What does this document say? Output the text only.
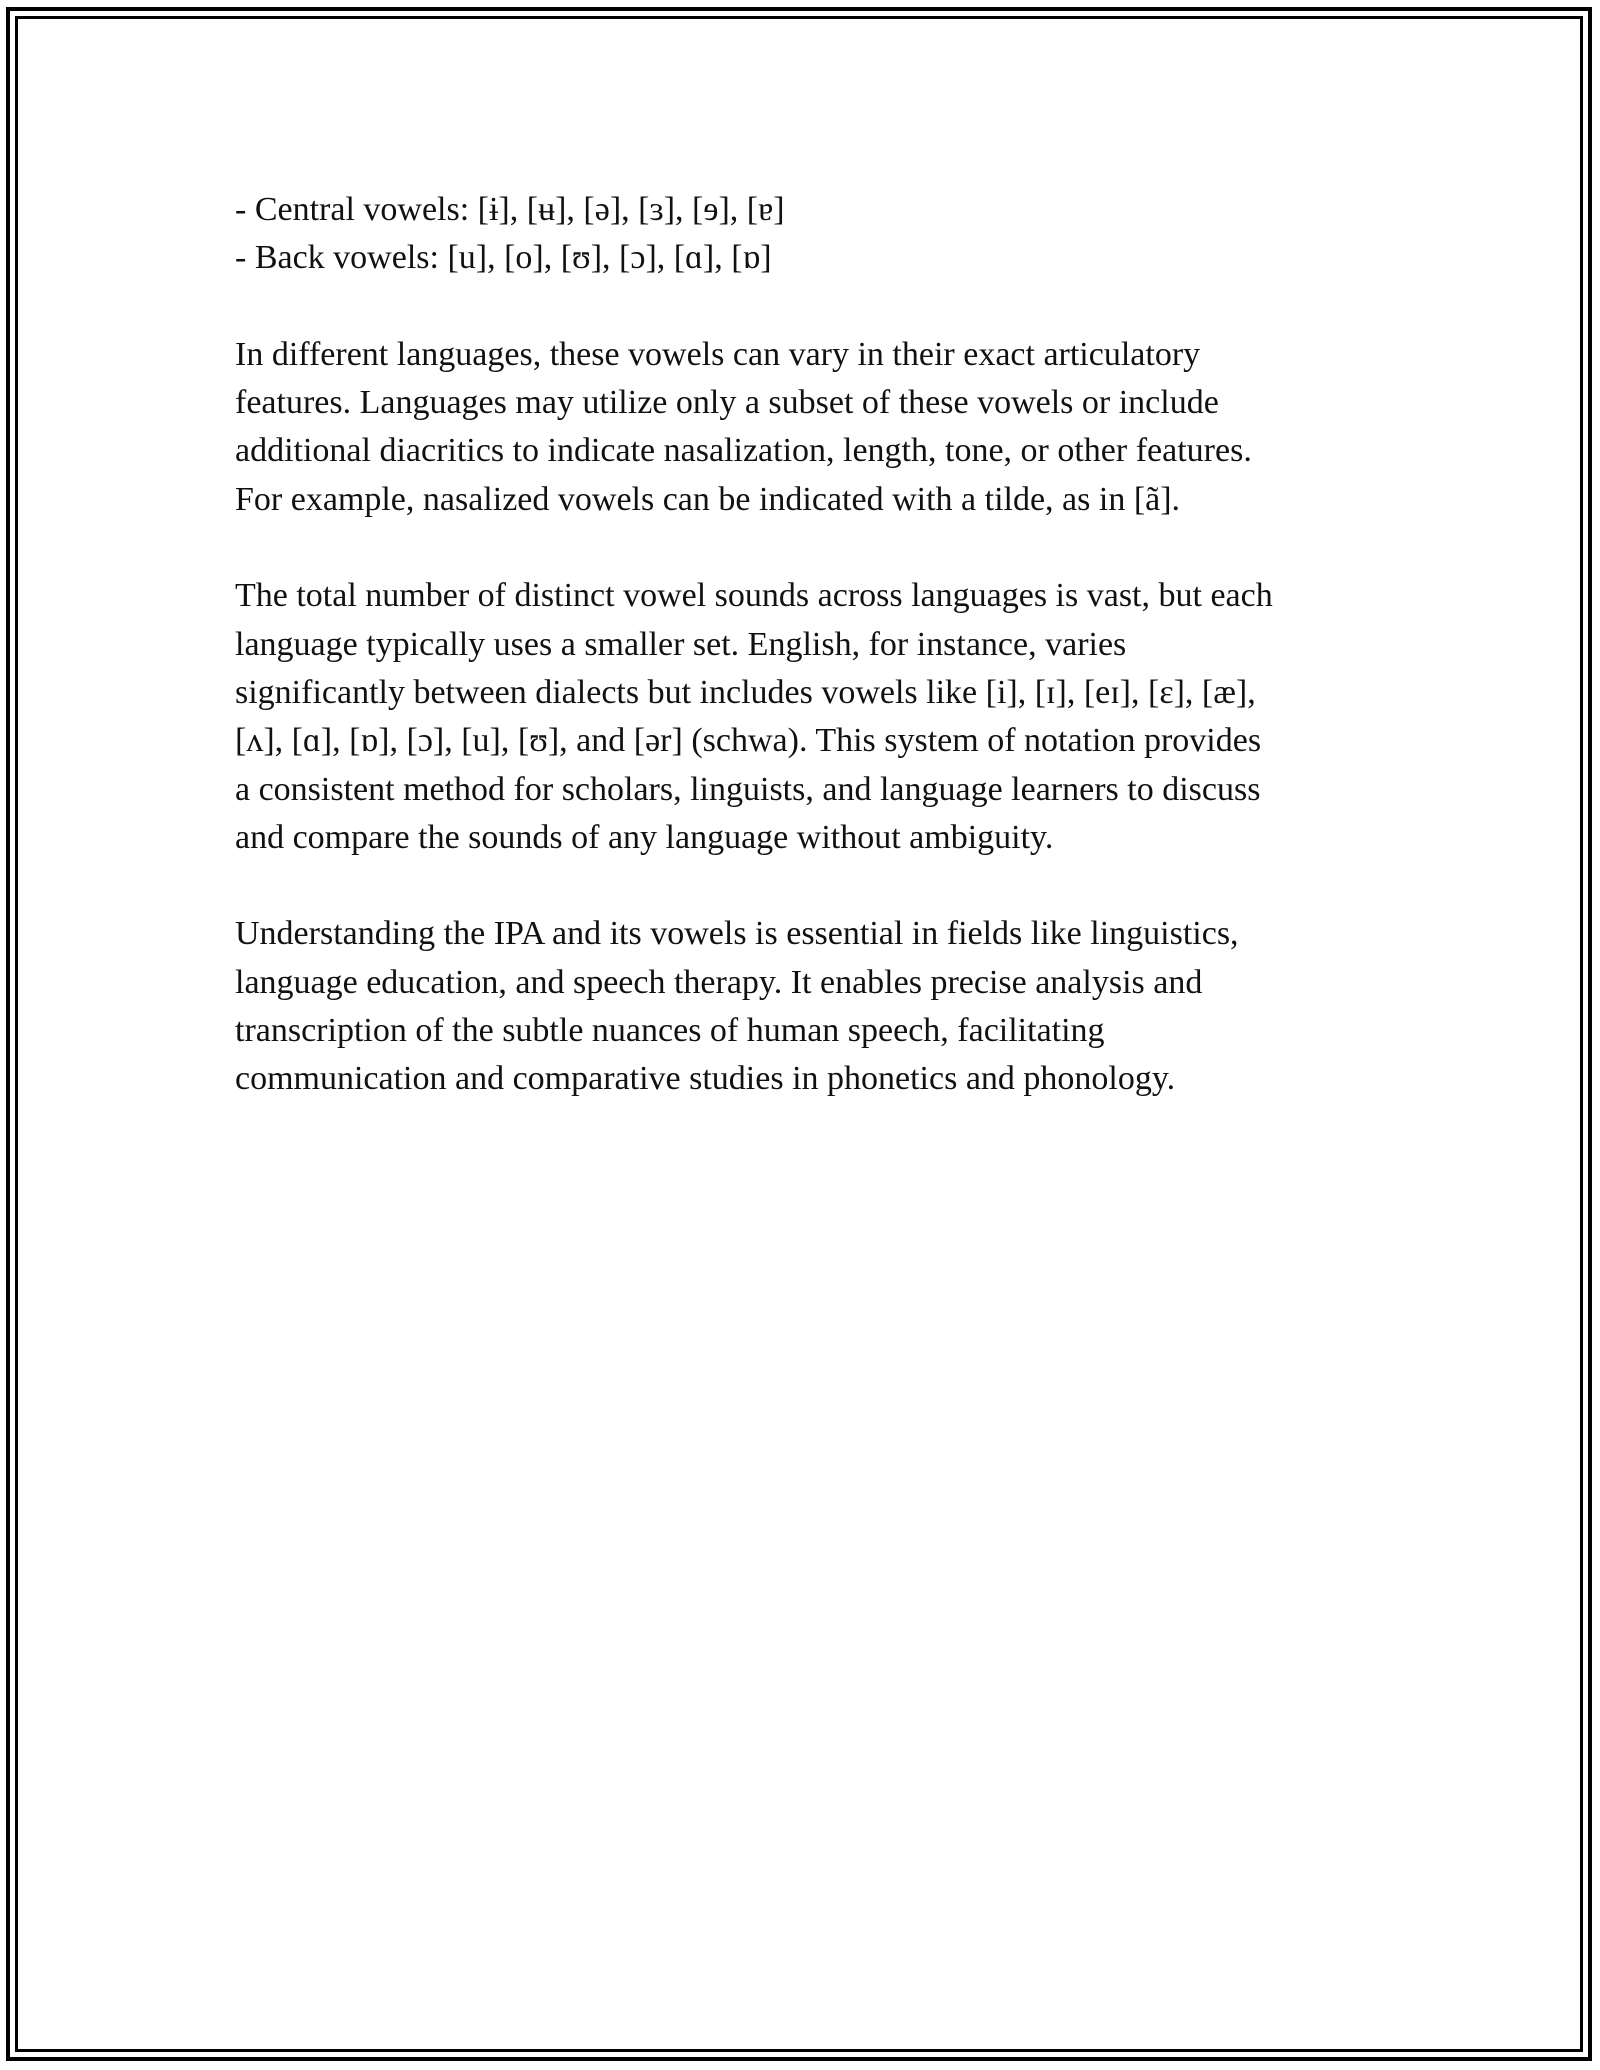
- Central vowels: [ɨ], [ʉ], [ə], [ɜ], [ɘ], [ɐ]
- Back vowels: [u], [o], [ʊ], [ɔ], [ɑ], [ɒ]
In different languages, these vowels can vary in their exact articulatory
features. Languages may utilize only a subset of these vowels or include
additional diacritics to indicate nasalization, length, tone, or other features.
For example, nasalized vowels can be indicated with a tilde, as in [ã].
The total number of distinct vowel sounds across languages is vast, but each
language typically uses a smaller set. English, for instance, varies
significantly between dialects but includes vowels like [i], [ɪ], [eɪ], [ɛ], [æ],
[ʌ], [ɑ], [ɒ], [ɔ], [u], [ʊ], and [ər] (schwa). This system of notation provides
a consistent method for scholars, linguists, and language learners to discuss
and compare the sounds of any language without ambiguity.
Understanding the IPA and its vowels is essential in fields like linguistics,
language education, and speech therapy. It enables precise analysis and
transcription of the subtle nuances of human speech, facilitating
communication and comparative studies in phonetics and phonology.
